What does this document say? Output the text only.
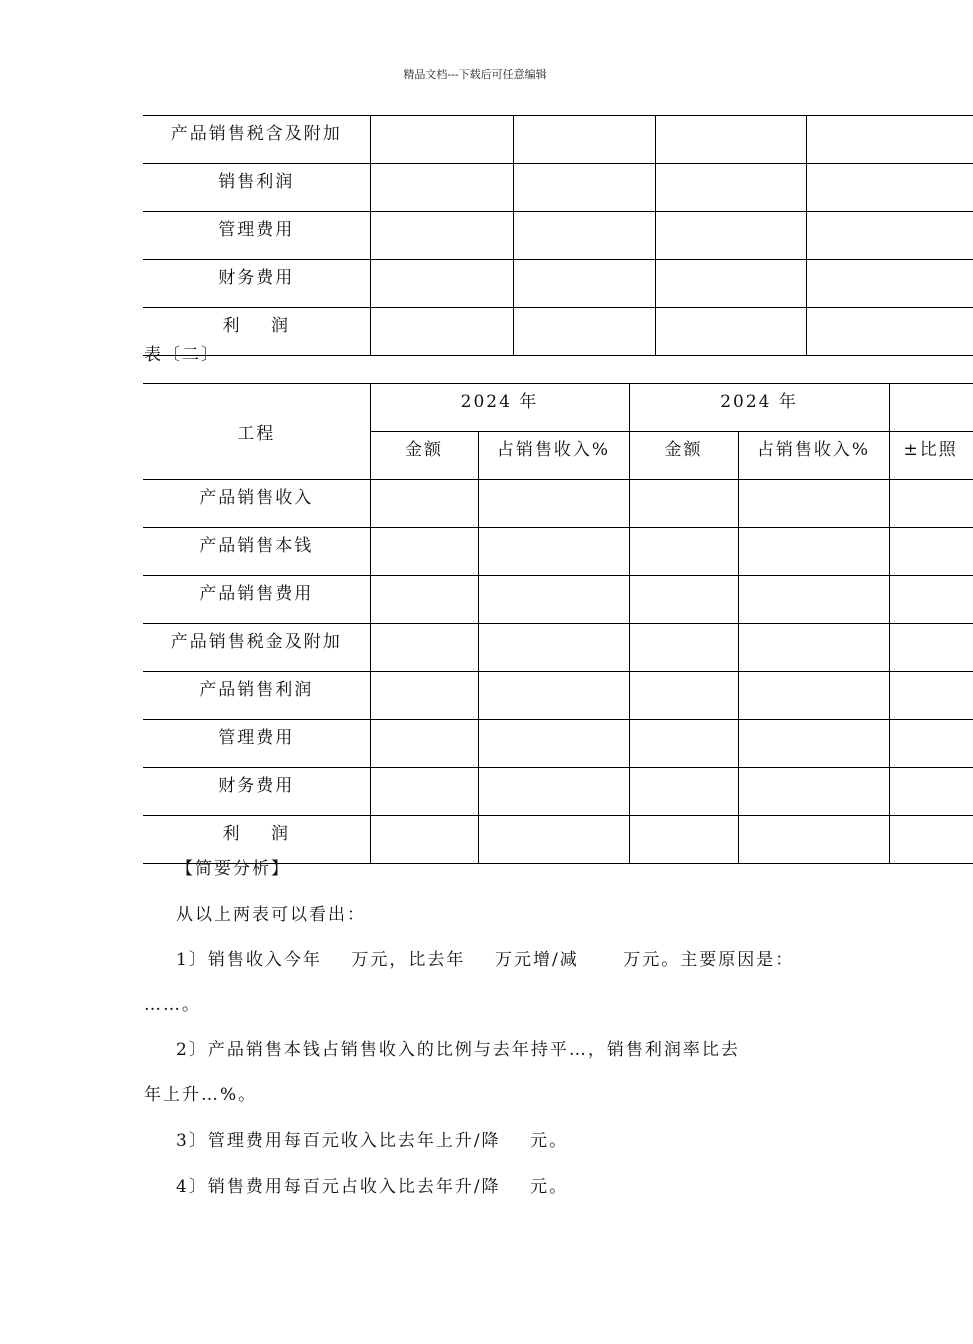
精品文档---下载后可任意编辑
产品销售税含及附加				
销售利润				
管理费用				
财务费用				
利    润				
表〔二〕
工程	2024 年		2024 年		
	金额	占销售收入%	金额	占销售收入%	±比照
产品销售收入					
产品销售本钱					
产品销售费用					
产品销售税金及附加					
产品销售利润					
管理费用					
财务费用					
利    润					
【简要分析】
从以上两表可以看出：
1〕销售收入今年    万元，比去年    万元增/减      万元。主要原因是：
……。
2〕产品销售本钱占销售收入的比例与去年持平…，销售利润率比去
年上升…%。
3〕管理费用每百元收入比去年上升/降    元。
4〕销售费用每百元占收入比去年升/降    元。
